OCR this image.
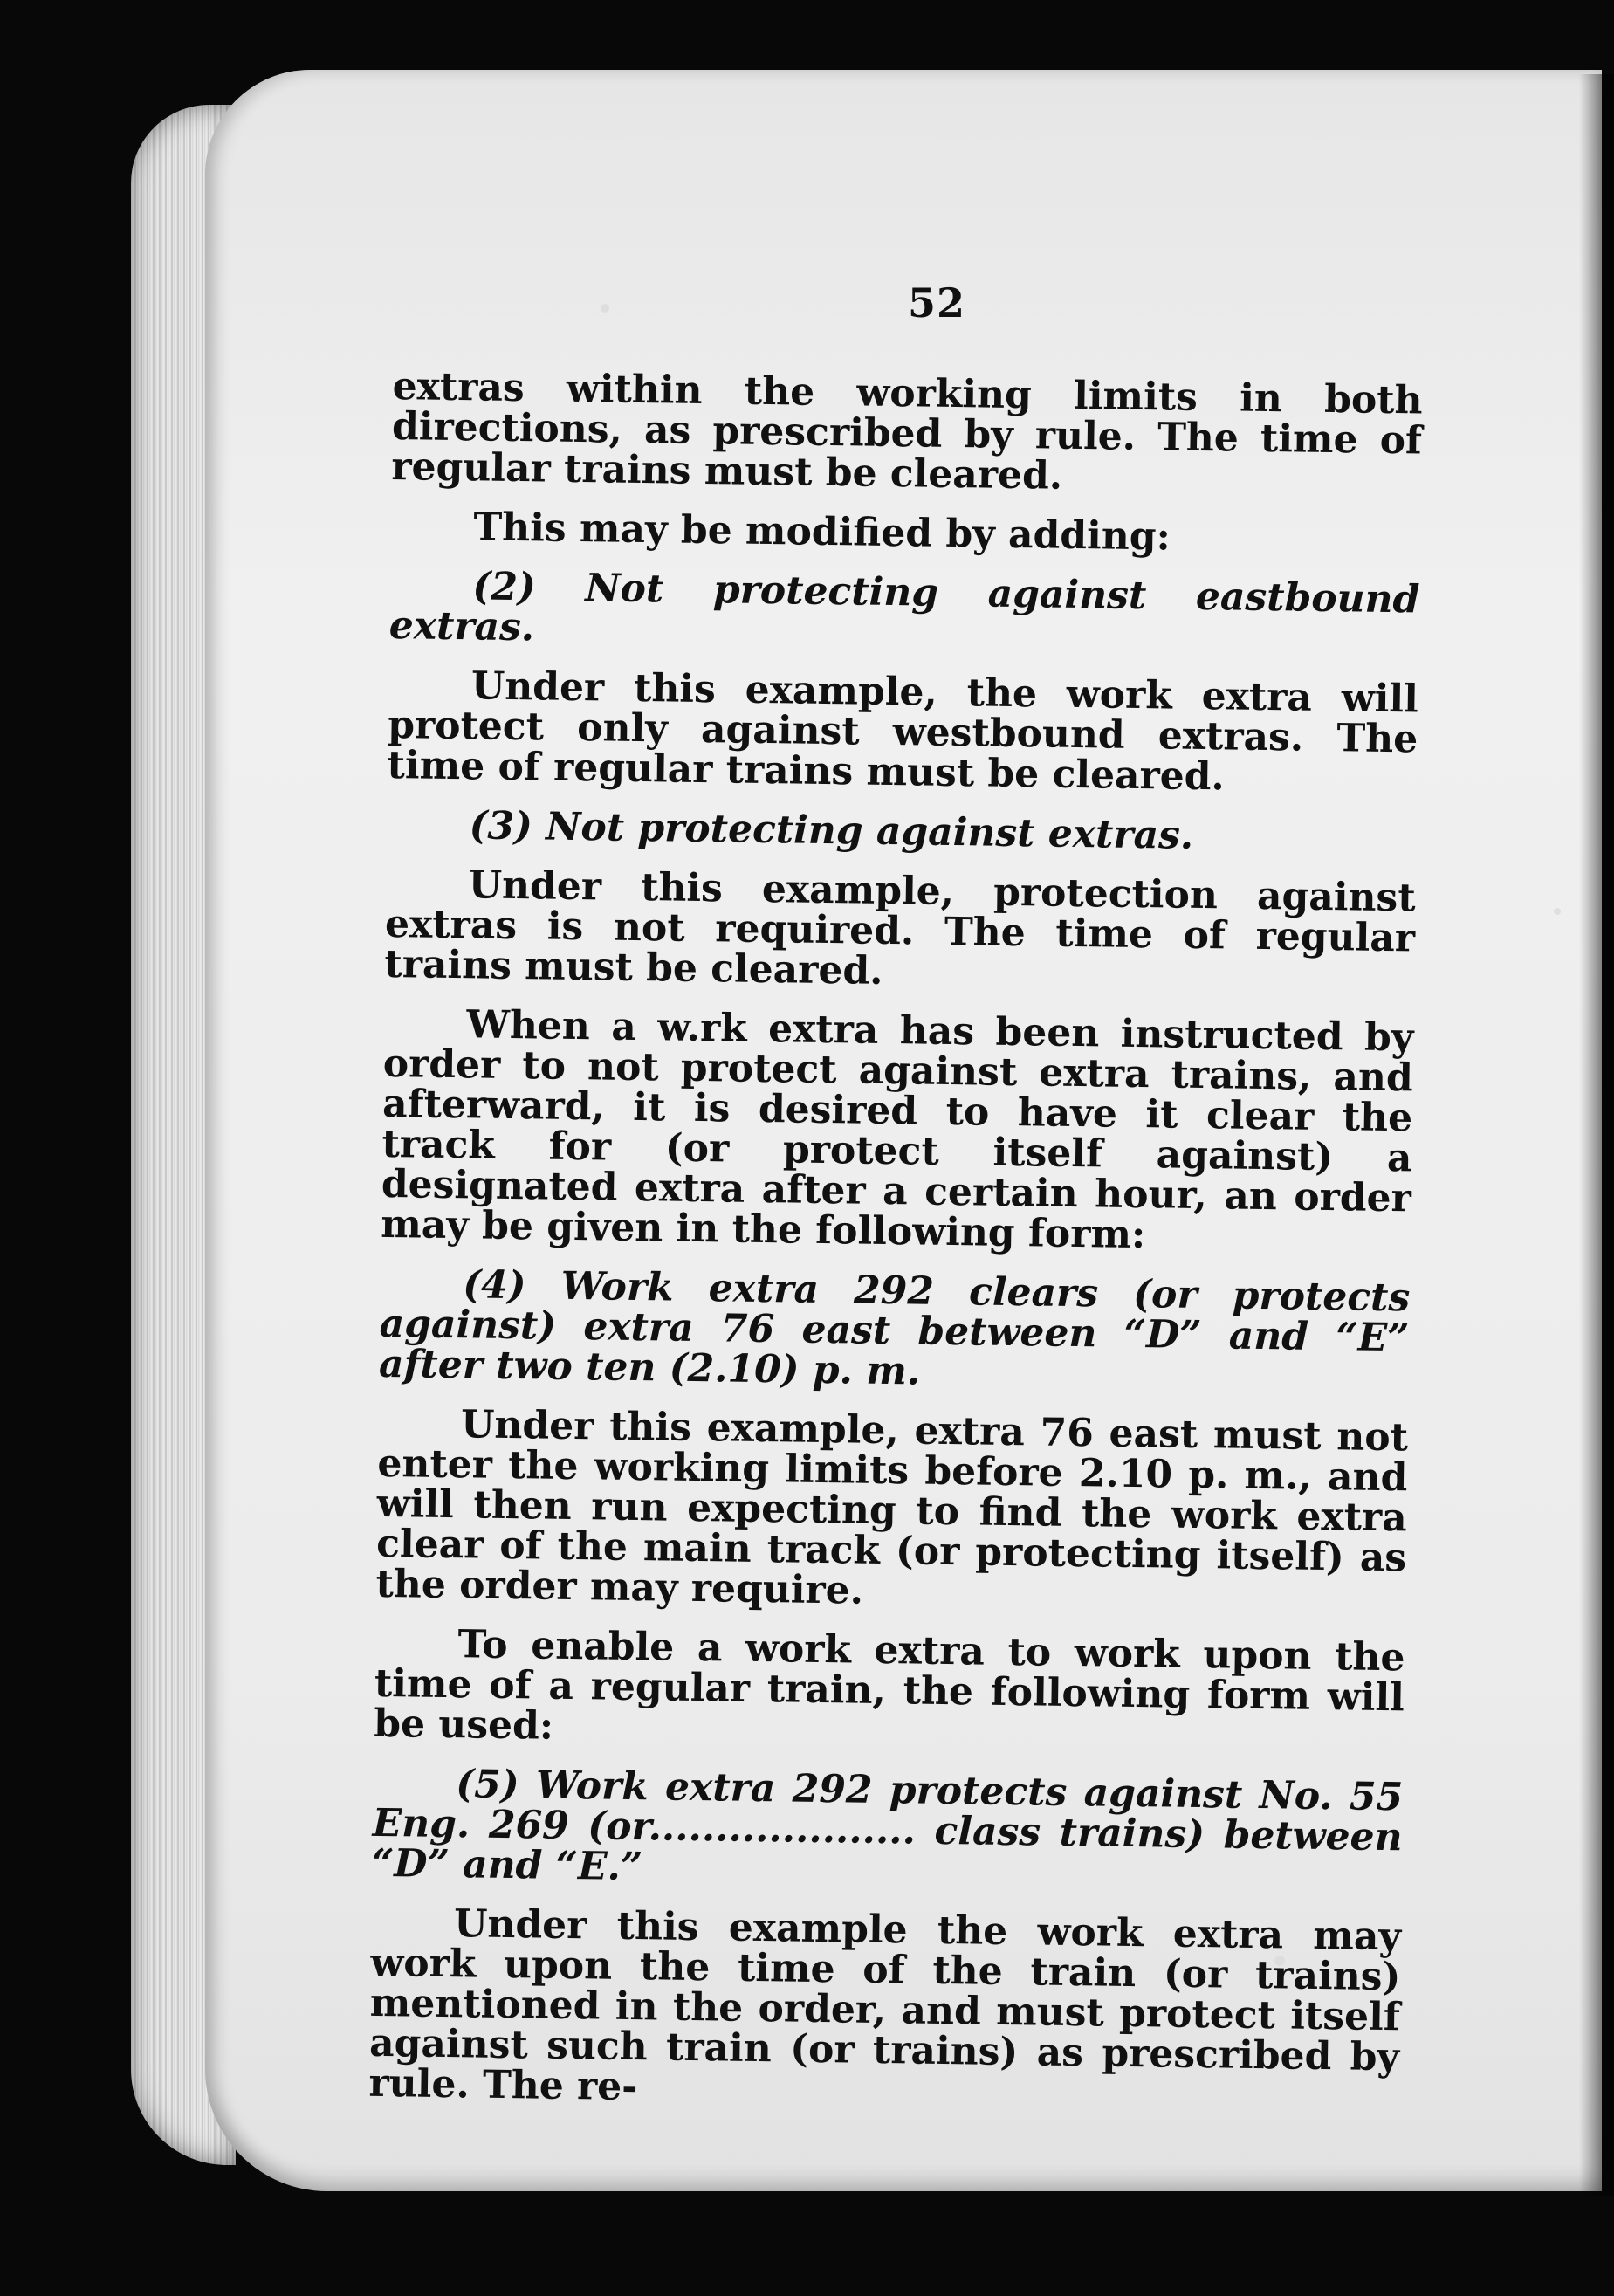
52

extras within the working limits in both directions, as prescribed by rule. The time of regular trains must be cleared.

This may be modified by adding:

(2) Not protecting against eastbound extras.

Under this example, the work extra will protect only against westbound extras. The time of regular trains must be cleared.

(3) Not protecting against extras.

Under this example, protection against extras is not required. The time of regular trains must be cleared.

When a w.rk extra has been instructed by order to not protect against extra trains, and afterward, it is desired to have it clear the track for (or protect itself against) a designated extra after a certain hour, an order may be given in the following form:

(4) Work extra 292 clears (or protects against) extra 76 east between “D” and “E” after two ten (2.10) p. m.

Under this example, extra 76 east must not enter the working limits before 2.10 p. m., and will then run expecting to find the work extra clear of the main track (or protecting itself) as the order may require.

To enable a work extra to work upon the time of a regular train, the following form will be used:

(5) Work extra 292 protects against No. 55 Eng. 269 (or.................... class trains) between “D” and “E.”

Under this example the work extra may work upon the time of the train (or trains) mentioned in the order, and must protect itself against such train (or trains) as prescribed by rule. The re-
